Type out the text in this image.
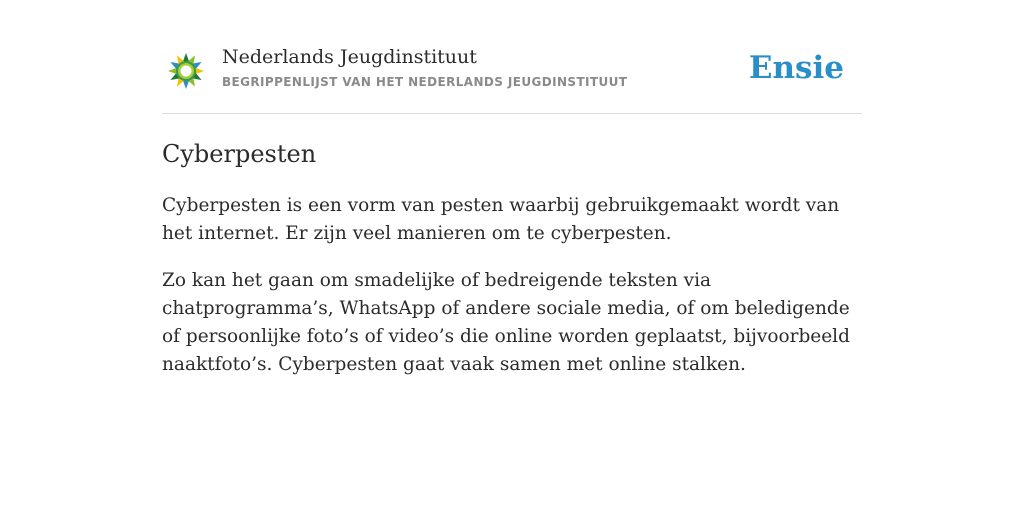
Nederlands Jeugdinstituut
BEGRIPPENLIJST VAN HET NEDERLANDS JEUGDINSTITUUT	Ensie
Cyberpesten

Cyberpesten is een vorm van pesten waarbij gebruikgemaakt wordt van het internet. Er zijn veel manieren om te cyberpesten.

Zo kan het gaan om smadelijke of bedreigende teksten via chatprogramma’s, WhatsApp of andere sociale media, of om beledigende of persoonlijke foto’s of video’s die online worden geplaatst, bijvoorbeeld naaktfoto’s. Cyberpesten gaat vaak samen met online stalken.
